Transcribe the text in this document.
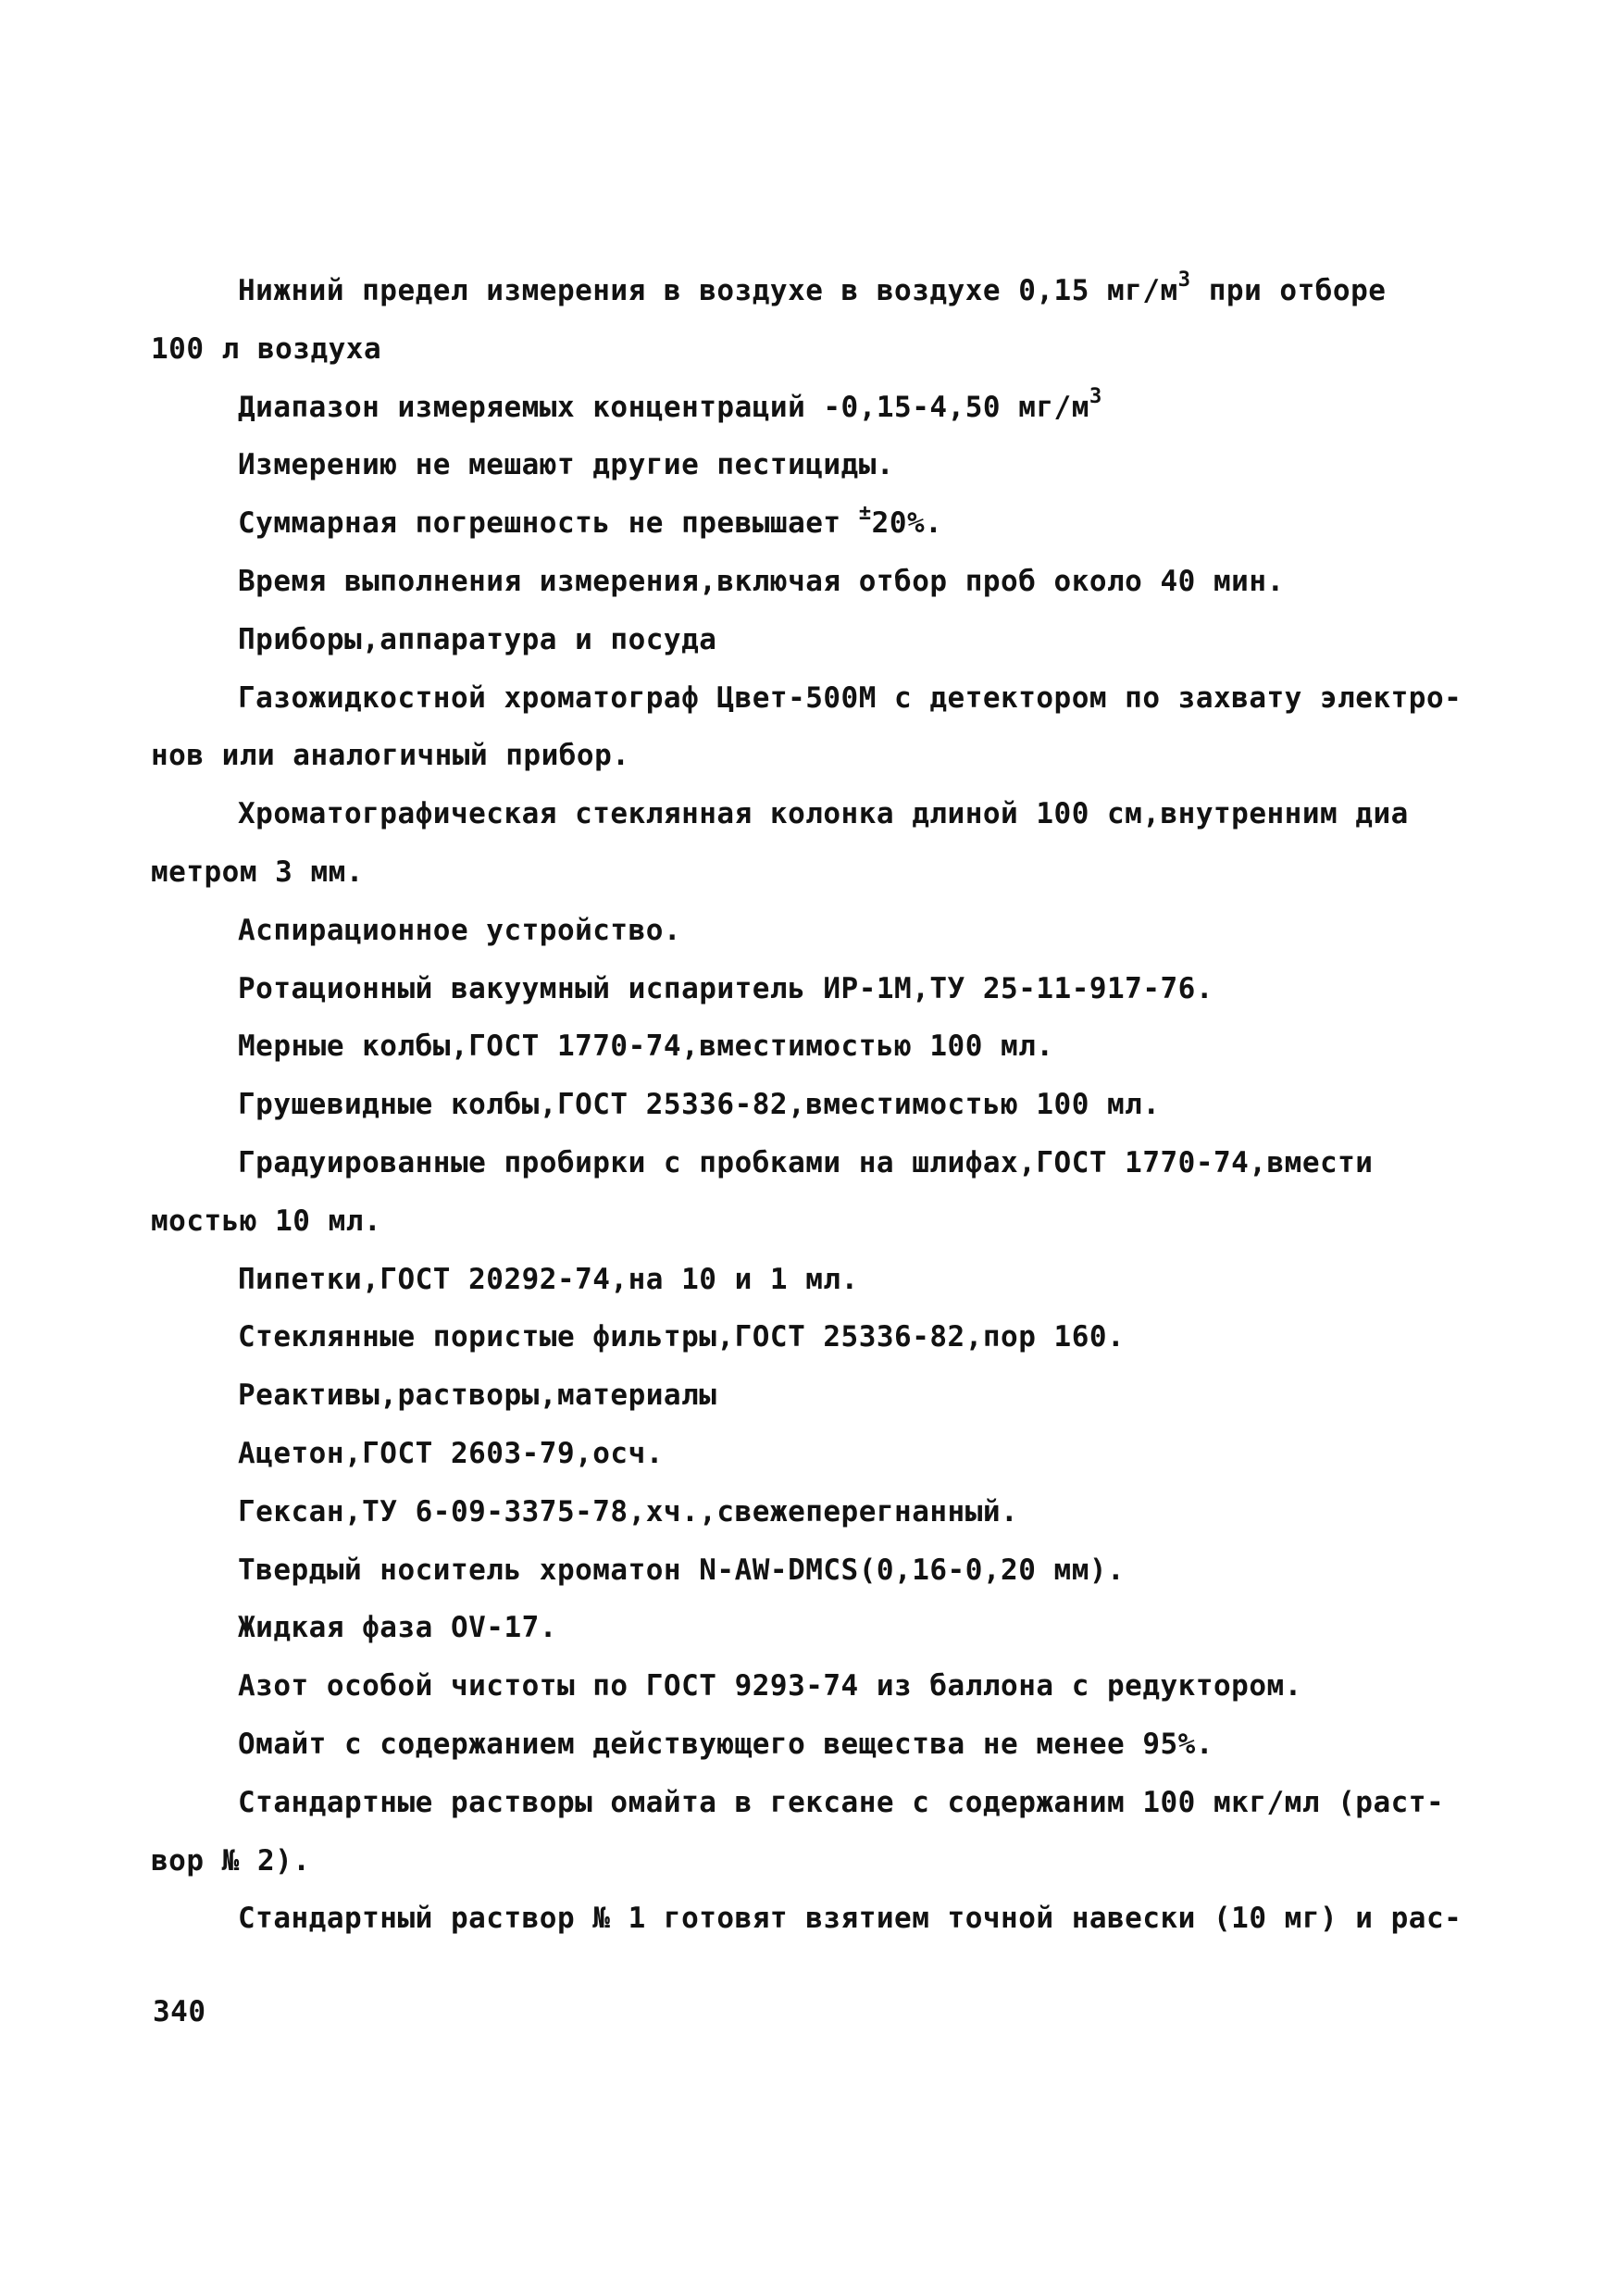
Нижний предел измерения в воздухе в воздухе 0,15 $мг/м^3$ при отборе
100 л воздуха
Диапазон измеряемых концентраций -0,15-4,50 $мг/м^3$
Измерению не мешают другие пестициды.
Суммарная погрешность не превышает ±20%.
Время выполнения измерения,включая отбор проб около 40 мин.
Приборы,аппаратура и посуда
Газожидкостной хроматограф Цвет-500М с детектором по захвату электро-
нов или аналогичный прибор.
Хроматографическая стеклянная колонка длиной 100 см,внутренним диа
метром 3 мм.
Аспирационное устройство.
Ротационный вакуумный испаритель ИР-1М,ТУ 25-11-917-76.
Мерные колбы,ГОСТ 1770-74,вместимостью 100 мл.
Грушевидные колбы,ГОСТ 25336-82,вместимостью 100 мл.
Градуированные пробирки с пробками на шлифах,ГОСТ 1770-74,вмести
мостью 10 мл.
Пипетки,ГОСТ 20292-74,на 10 и 1 мл.
Стеклянные пористые фильтры,ГОСТ 25336-82,пор 160.
Реактивы,растворы,материалы
Ацетон,ГОСТ 2603-79,осч.
Гексан,ТУ 6-09-3375-78,хч.,свежеперегнанный.
Твердый носитель хроматон N-AW-DMCS(0,16-0,20 мм).
Жидкая фаза OV-17.
Азот особой чистоты по ГОСТ 9293-74 из баллона с редуктором.
Омайт с содержанием действующего вещества не менее 95%.
Стандартные растворы омайта в гексане с содержаним 100 мкг/мл (раст-
вор № 2).
Стандартный раствор № 1 готовят взятием точной навески (10 мг) и рас-
340
